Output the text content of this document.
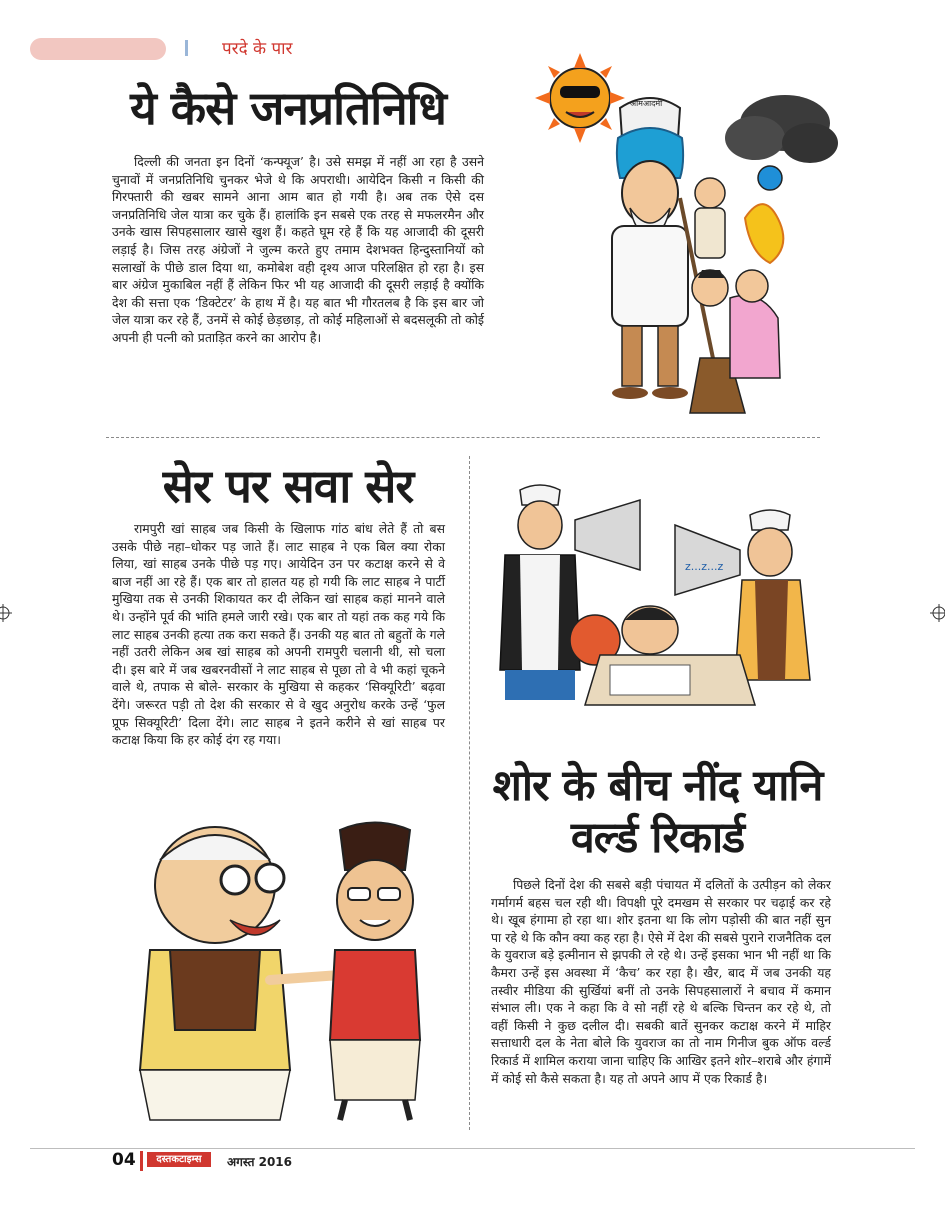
परदे के पार
ये कैसे जनप्रतिनिधि
दिल्ली की जनता इन दिनों ‘कन्फ्यूज’ है। उसे समझ में नहीं आ रहा है उसने चुनावों में जनप्रतिनिधि चुनकर भेजे थे कि अपराधी। आयेदिन किसी न किसी की गिरफ्तारी की खबर सामने आना आम बात हो गयी है। अब तक ऐसे दस जनप्रतिनिधि जेल यात्रा कर चुके हैं। हालांकि इन सबसे एक तरह से मफलरमैन और उनके खास सिपहसालार खासे खुश हैं। कहते घूम रहे हैं कि यह आजादी की दूसरी लड़ाई है। जिस तरह अंग्रेजों ने जुल्म करते हुए तमाम देशभक्त हिन्दुस्तानियों को सलाखों के पीछे डाल दिया था, कमोबेश वही दृश्य आज परिलक्षित हो रहा है। इस बार अंग्रेज मुकाबिल नहीं हैं लेकिन फिर भी यह आजादी की दूसरी लड़ाई है क्योंकि देश की सत्ता एक ‘डिक्टेटर’ के हाथ में है। यह बात भी गौरतलब है कि इस बार जो जेल यात्रा कर रहे हैं, उनमें से कोई छेड़छाड़, तो कोई महिलाओं से बदसलूकी तो कोई अपनी ही पत्नी को प्रताड़ित करने का आरोप है।
आमआदमी
सेर पर सवा सेर
रामपुरी खां साहब जब किसी के खिलाफ गांठ बांध लेते हैं तो बस उसके पीछे नहा–धोकर पड़ जाते हैं। लाट साहब ने एक बिल क्या रोका लिया, खां साहब उनके पीछे पड़ गए। आयेदिन उन पर कटाक्ष करने से वे बाज नहीं आ रहे हैं। एक बार तो हालत यह हो गयी कि लाट साहब ने पार्टी मुखिया तक से उनकी शिकायत कर दी लेकिन खां साहब कहां मानने वाले थे। उन्होंने पूर्व की भांति हमले जारी रखे। एक बार तो यहां तक कह गये कि लाट साहब उनकी हत्या तक करा सकते हैं। उनकी यह बात तो बहुतों के गले नहीं उतरी लेकिन अब खां साहब को अपनी रामपुरी चलानी थी, सो चला दी। इस बारे में जब खबरनवीसों ने लाट साहब से पूछा तो वे भी कहां चूकने वाले थे, तपाक से बोले- सरकार के मुखिया से कहकर ‘सिक्यूरिटी’ बढ़वा देंगे। जरूरत पड़ी तो देश की सरकार से वे खुद अनुरोध करके उन्हें ‘फुल प्रूफ सिक्यूरिटी’ दिला देंगे। लाट साहब ने इतने करीने से खां साहब पर कटाक्ष किया कि हर कोई दंग रह गया।
z...z...z
शोर के बीच नींद यानि
वर्ल्ड रिकार्ड
पिछले दिनों देश की सबसे बड़ी पंचायत में दलितों के उत्पीड़न को लेकर गर्मागर्म बहस चल रही थी। विपक्षी पूरे दमखम से सरकार पर चढ़ाई कर रहे थे। खूब हंगामा हो रहा था। शोर इतना था कि लोग पड़ोसी की बात नहीं सुन पा रहे थे कि कौन क्या कह रहा है। ऐसे में देश की सबसे पुराने राजनैतिक दल के युवराज बड़े इत्मीनान से झपकी ले रहे थे। उन्हें इसका भान भी नहीं था कि कैमरा उन्हें इस अवस्था में ‘कैच’ कर रहा है। खैर, बाद में जब उनकी यह तस्वीर मीडिया की सुर्खियां बनीं तो उनके सिपहसालारों ने बचाव में कमान संभाल ली। एक ने कहा कि वे सो नहीं रहे थे बल्कि चिन्तन कर रहे थे, तो वहीं किसी ने कुछ दलील दी। सबकी बातें सुनकर कटाक्ष करने में माहिर सत्ताधारी दल के नेता बोले कि युवराज का तो नाम गिनीज बुक ऑफ वर्ल्ड रिकार्ड में शामिल कराया जाना चाहिए कि आखिर इतने शोर–शराबे और हंगामें में कोई सो कैसे सकता है। यह तो अपने आप में एक रिकार्ड है।
04	दस्तकटाइम्स	अगस्त 2016
